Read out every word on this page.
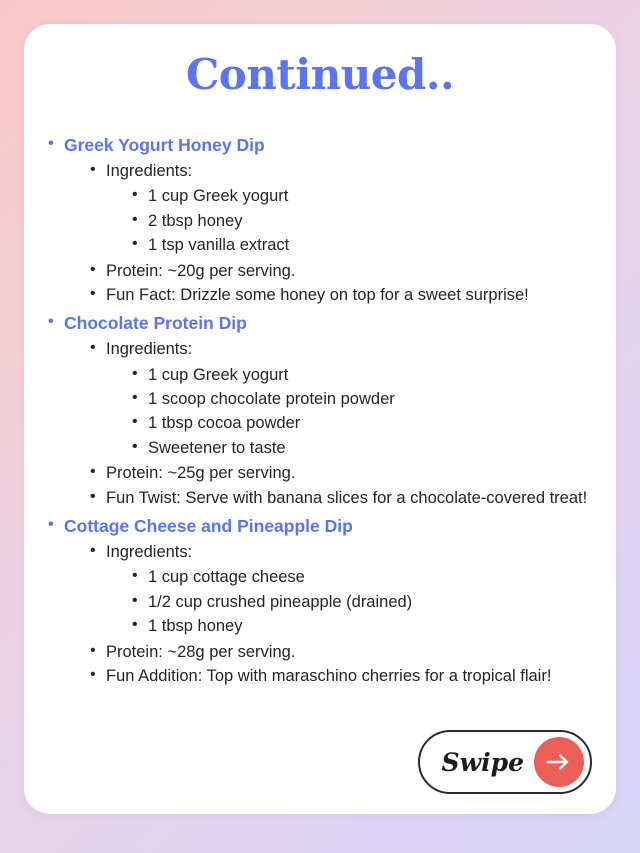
Continued..
• Greek Yogurt Honey Dip
• Ingredients:
• 1 cup Greek yogurt
• 2 tbsp honey
• 1 tsp vanilla extract
• Protein: ~20g per serving.
• Fun Fact: Drizzle some honey on top for a sweet surprise!
• Chocolate Protein Dip
• Ingredients:
• 1 cup Greek yogurt
• 1 scoop chocolate protein powder
• 1 tbsp cocoa powder
• Sweetener to taste
• Protein: ~25g per serving.
• Fun Twist: Serve with banana slices for a chocolate-covered treat!
• Cottage Cheese and Pineapple Dip
• Ingredients:
• 1 cup cottage cheese
• 1/2 cup crushed pineapple (drained)
• 1 tbsp honey
• Protein: ~28g per serving.
• Fun Addition: Top with maraschino cherries for a tropical flair!
Swipe
